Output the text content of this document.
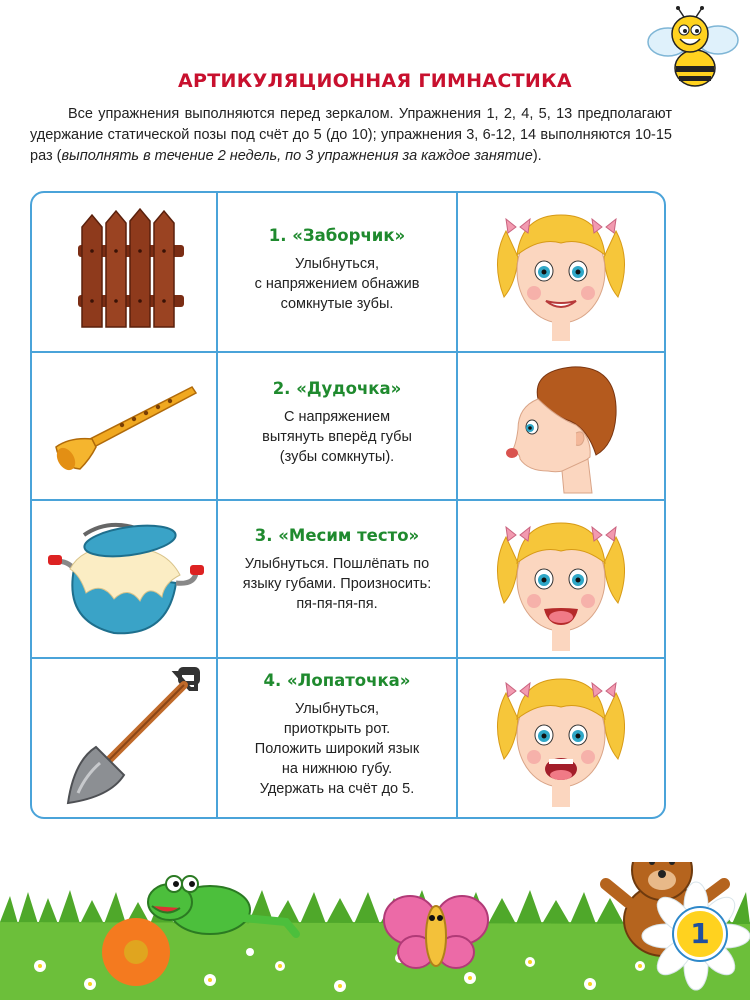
АРТИКУЛЯЦИОННАЯ ГИМНАСТИКА
Все упражнения выполняются перед зеркалом. Упражнения 1, 2, 4, 5, 13 предполагают удержание статической позы под счёт до 5 (до 10); упражнения 3, 6-12, 14 выполняются 10-15 раз (выполнять в течение 2 недель, по 3 упражнения за каждое занятие).
1. «Заборчик»
Улыбнуться,
с напряжением обнажив
сомкнутые зубы.
2. «Дудочка»
С напряжением
вытянуть вперёд губы
(зубы сомкнуты).
3. «Месим тесто»
Улыбнуться. Пошлёпать по
языку губами. Произносить:
пя-пя-пя-пя.
4. «Лопаточка»
Улыбнуться,
приоткрыть рот.
Положить широкий язык
на нижнюю губу.
Удержать на счёт до 5.
1
